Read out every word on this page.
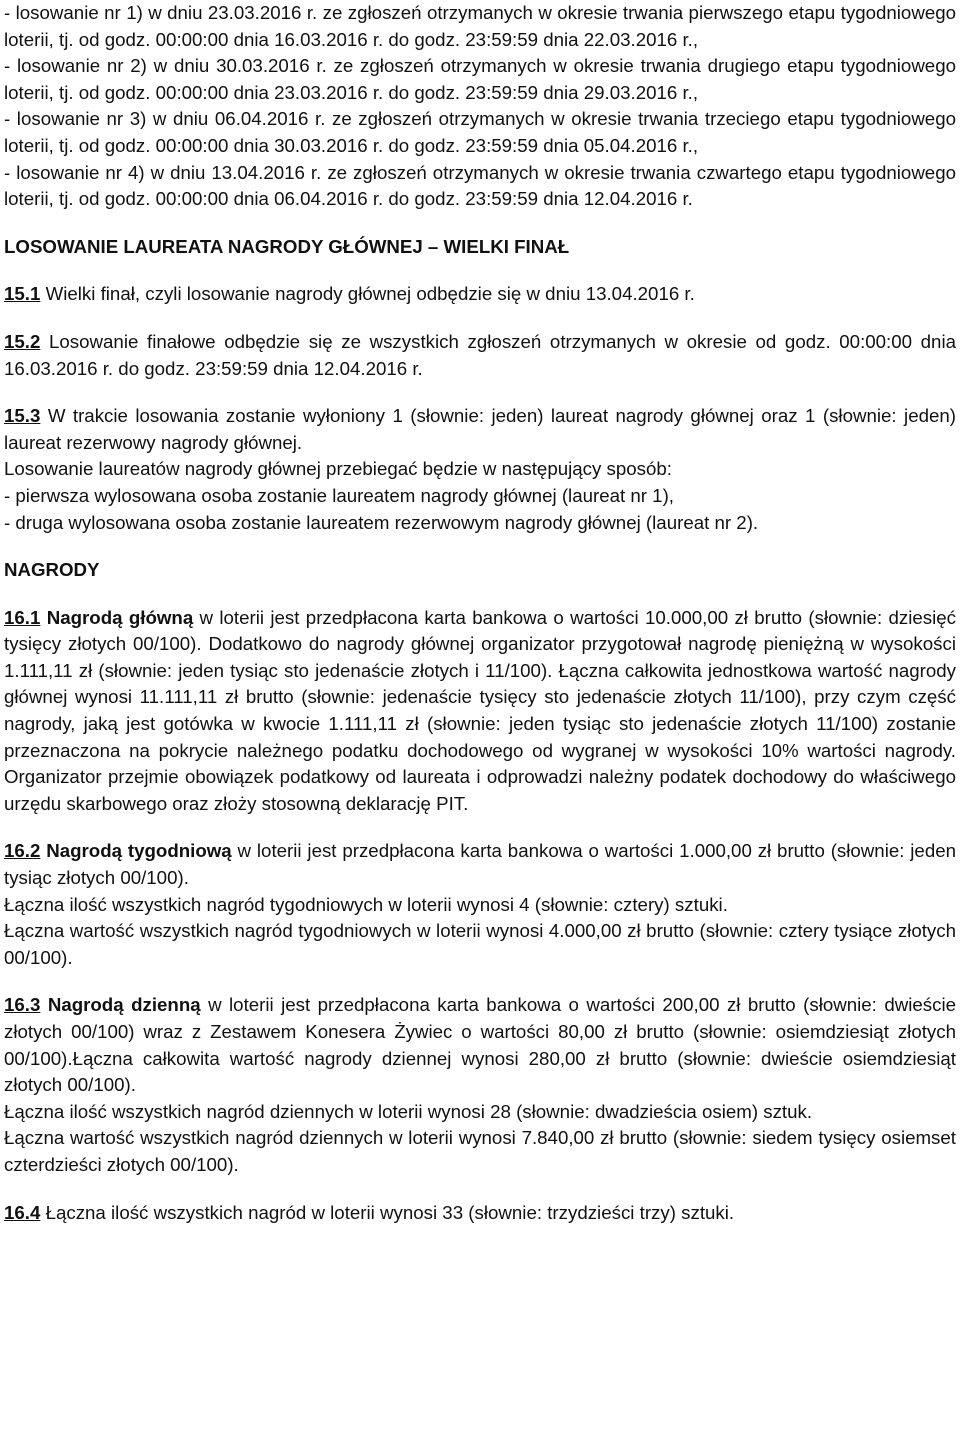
- losowanie nr 1) w dniu 23.03.2016 r. ze zgłoszeń otrzymanych w okresie trwania pierwszego etapu tygodniowego loterii, tj. od godz. 00:00:00 dnia 16.03.2016 r. do godz. 23:59:59 dnia 22.03.2016 r.,

- losowanie nr 2) w dniu 30.03.2016 r. ze zgłoszeń otrzymanych w okresie trwania drugiego etapu tygodniowego loterii, tj. od godz. 00:00:00 dnia 23.03.2016 r. do godz. 23:59:59 dnia 29.03.2016 r.,

- losowanie nr 3) w dniu 06.04.2016 r. ze zgłoszeń otrzymanych w okresie trwania trzeciego etapu tygodniowego loterii, tj. od godz. 00:00:00 dnia 30.03.2016 r. do godz. 23:59:59 dnia 05.04.2016 r.,

- losowanie nr 4) w dniu 13.04.2016 r. ze zgłoszeń otrzymanych w okresie trwania czwartego etapu tygodniowego loterii, tj. od godz. 00:00:00 dnia 06.04.2016 r. do godz. 23:59:59 dnia 12.04.2016 r.

LOSOWANIE LAUREATA NAGRODY GŁÓWNEJ – WIELKI FINAŁ

15.1 Wielki finał, czyli losowanie nagrody głównej odbędzie się w dniu 13.04.2016 r.

15.2 Losowanie finałowe odbędzie się ze wszystkich zgłoszeń otrzymanych w okresie od godz. 00:00:00 dnia 16.03.2016 r. do godz. 23:59:59 dnia 12.04.2016 r.

15.3 W trakcie losowania zostanie wyłoniony 1 (słownie: jeden) laureat nagrody głównej oraz 1 (słownie: jeden) laureat rezerwowy nagrody głównej.

Losowanie laureatów nagrody głównej przebiegać będzie w następujący sposób:

- pierwsza wylosowana osoba zostanie laureatem nagrody głównej (laureat nr 1),

- druga wylosowana osoba zostanie laureatem rezerwowym nagrody głównej (laureat nr 2).

NAGRODY

16.1 Nagrodą główną w loterii jest przedpłacona karta bankowa o wartości 10.000,00 zł brutto (słownie: dziesięć tysięcy złotych 00/100). Dodatkowo do nagrody głównej organizator przygotował nagrodę pieniężną w wysokości 1.111,11 zł (słownie: jeden tysiąc sto jedenaście złotych i 11/100). Łączna całkowita jednostkowa wartość nagrody głównej wynosi 11.111,11 zł brutto (słownie: jedenaście tysięcy sto jedenaście złotych 11/100), przy czym część nagrody, jaką jest gotówka w kwocie 1.111,11 zł (słownie: jeden tysiąc sto jedenaście złotych 11/100) zostanie przeznaczona na pokrycie należnego podatku dochodowego od wygranej w wysokości 10% wartości nagrody. Organizator przejmie obowiązek podatkowy od laureata i odprowadzi należny podatek dochodowy do właściwego urzędu skarbowego oraz złoży stosowną deklarację PIT.

16.2 Nagrodą tygodniową w loterii jest przedpłacona karta bankowa o wartości 1.000,00 zł brutto (słownie: jeden tysiąc złotych 00/100).

Łączna ilość wszystkich nagród tygodniowych w loterii wynosi 4 (słownie: cztery) sztuki.

Łączna wartość wszystkich nagród tygodniowych w loterii wynosi 4.000,00 zł brutto (słownie: cztery tysiące złotych 00/100).

16.3 Nagrodą dzienną w loterii jest przedpłacona karta bankowa o wartości 200,00 zł brutto (słownie: dwieście złotych 00/100) wraz z Zestawem Konesera Żywiec o wartości 80,00 zł brutto (słownie: osiemdziesiąt złotych 00/100).Łączna całkowita wartość nagrody dziennej wynosi 280,00 zł brutto (słownie: dwieście osiemdziesiąt złotych 00/100).

Łączna ilość wszystkich nagród dziennych w loterii wynosi 28 (słownie: dwadzieścia osiem) sztuk.

Łączna wartość wszystkich nagród dziennych w loterii wynosi 7.840,00 zł brutto (słownie: siedem tysięcy osiemset czterdzieści złotych 00/100).

16.4 Łączna ilość wszystkich nagród w loterii wynosi 33 (słownie: trzydzieści trzy) sztuki.
